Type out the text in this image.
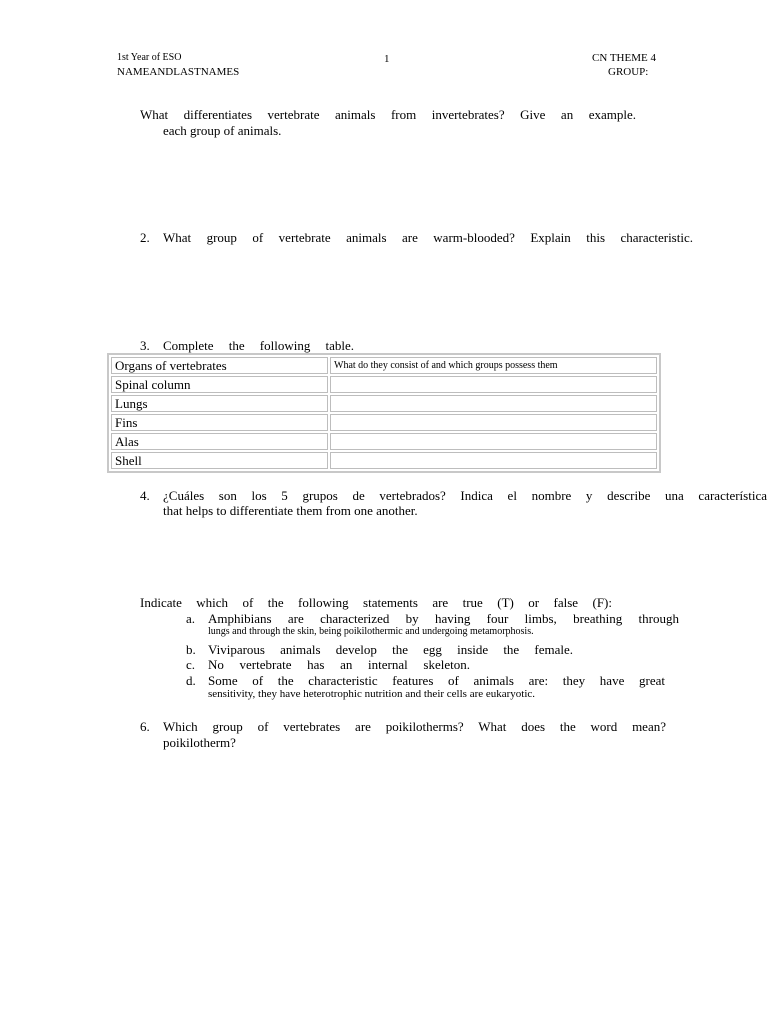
1st Year of ESO	1	CN THEME 4
NAMEANDLASTNAMES	GROUP:
What differentiates vertebrate animals from invertebrates? Give an example.
each group of animals.
2. What group of vertebrate animals are warm-blooded? Explain this characteristic.
3. Complete the following table.
Organs of vertebrates	What do they consist of and which groups possess them
Spinal column	
Lungs	
Fins	
Alas	
Shell	
4. ¿Cuáles son los 5 grupos de vertebrados? Indica el nombre y describe una característica
that helps to differentiate them from one another.
Indicate which of the following statements are true (T) or false (F):
a. Amphibians are characterized by having four limbs, breathing through
lungs and through the skin, being poikilothermic and undergoing metamorphosis.
b. Viviparous animals develop the egg inside the female.
c. No vertebrate has an internal skeleton.
d. Some of the characteristic features of animals are: they have great
sensitivity, they have heterotrophic nutrition and their cells are eukaryotic.
6. Which group of vertebrates are poikilotherms? What does the word mean?
poikilotherm?
